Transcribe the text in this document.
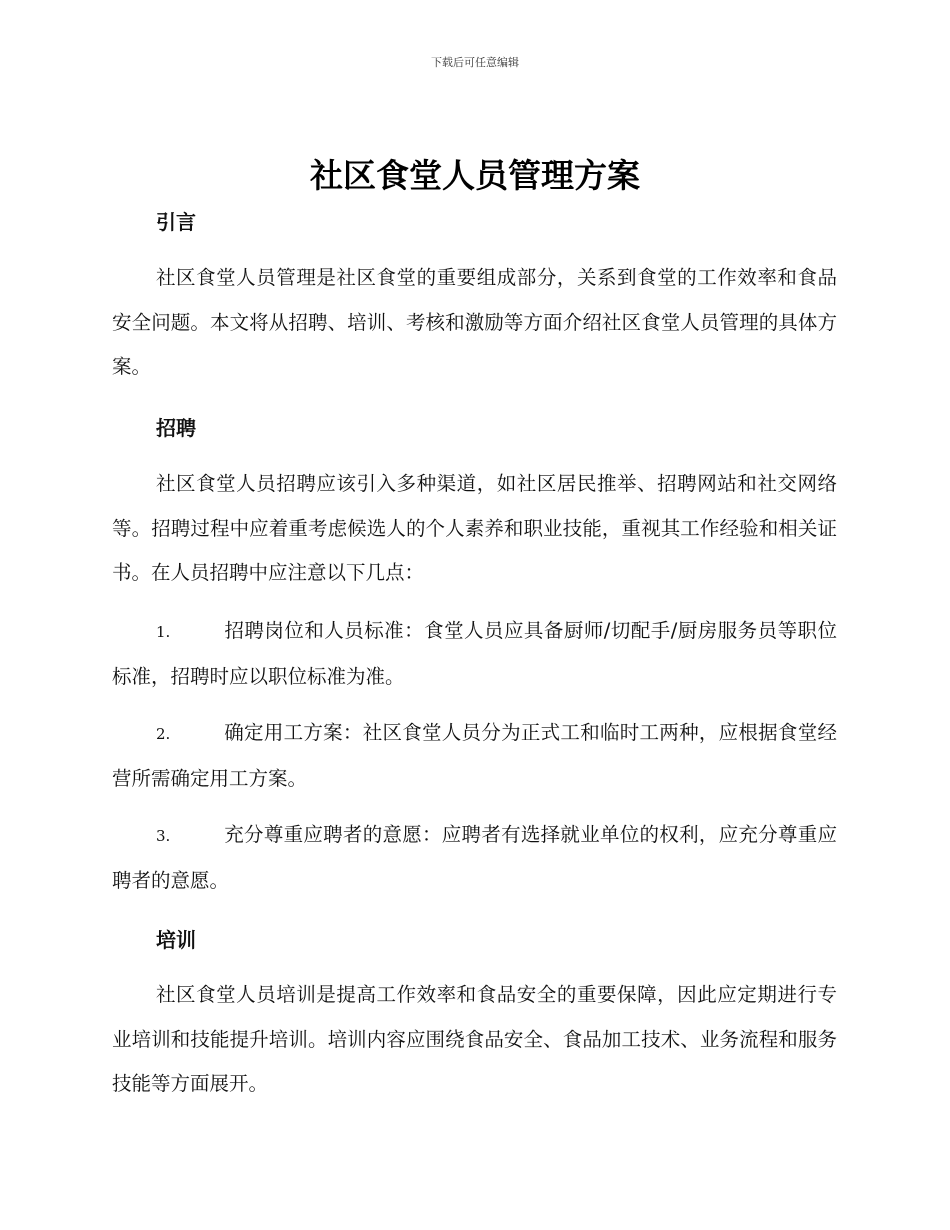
下载后可任意编辑
社区食堂人员管理方案
引言

社区食堂人员管理是社区食堂的重要组成部分，关系到食堂的工作效率和食品安全问题。本文将从招聘、培训、考核和激励等方面介绍社区食堂人员管理的具体方案。

招聘

社区食堂人员招聘应该引入多种渠道，如社区居民推举、招聘网站和社交网络等。招聘过程中应着重考虑候选人的个人素养和职业技能，重视其工作经验和相关证书。在人员招聘中应注意以下几点：

1.	招聘岗位和人员标准：食堂人员应具备厨师/切配手/厨房服务员等职位标准，招聘时应以职位标准为准。

2.	确定用工方案：社区食堂人员分为正式工和临时工两种，应根据食堂经营所需确定用工方案。

3.	充分尊重应聘者的意愿：应聘者有选择就业单位的权利，应充分尊重应聘者的意愿。

培训

社区食堂人员培训是提高工作效率和食品安全的重要保障，因此应定期进行专业培训和技能提升培训。培训内容应围绕食品安全、食品加工技术、业务流程和服务技能等方面展开。
